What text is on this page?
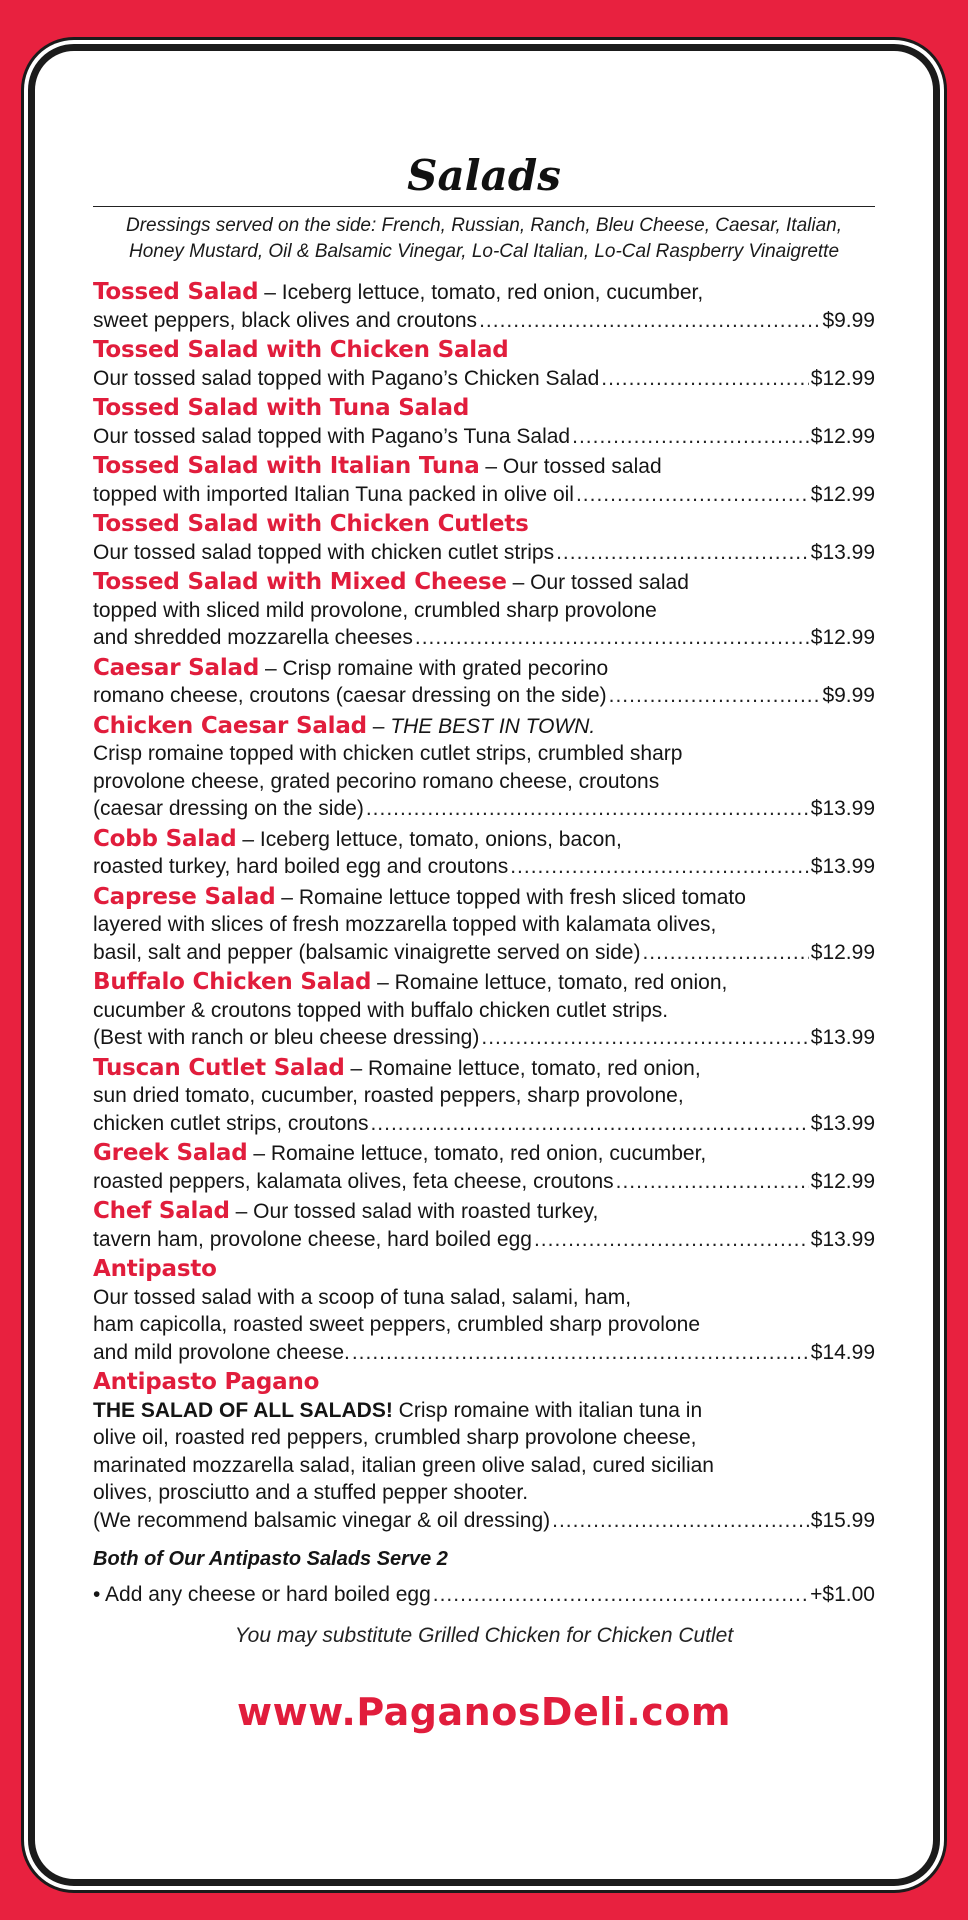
Salads
Dressings served on the side: French, Russian, Ranch, Bleu Cheese, Caesar, Italian,
Honey Mustard, Oil & Balsamic Vinegar, Lo-Cal Italian, Lo-Cal Raspberry Vinaigrette
Tossed Salad – Iceberg lettuce, tomato, red onion, cucumber,
sweet peppers, black olives and croutons .....	$9.99
Tossed Salad with Chicken Salad
Our tossed salad topped with Pagano’s Chicken Salad .....	$12.99
Tossed Salad with Tuna Salad
Our tossed salad topped with Pagano’s Tuna Salad .....	$12.99
Tossed Salad with Italian Tuna – Our tossed salad
topped with imported Italian Tuna packed in olive oil .....	$12.99
Tossed Salad with Chicken Cutlets
Our tossed salad topped with chicken cutlet strips .....	$13.99
Tossed Salad with Mixed Cheese – Our tossed salad
topped with sliced mild provolone, crumbled sharp provolone
and shredded mozzarella cheeses .....	$12.99
Caesar Salad – Crisp romaine with grated pecorino
romano cheese, croutons (caesar dressing on the side) .....	$9.99
Chicken Caesar Salad – THE BEST IN TOWN.
Crisp romaine topped with chicken cutlet strips, crumbled sharp
provolone cheese, grated pecorino romano cheese, croutons
(caesar dressing on the side) .....	$13.99
Cobb Salad – Iceberg lettuce, tomato, onions, bacon,
roasted turkey, hard boiled egg and croutons .....	$13.99
Caprese Salad – Romaine lettuce topped with fresh sliced tomato
layered with slices of fresh mozzarella topped with kalamata olives,
basil, salt and pepper (balsamic vinaigrette served on side) .....	$12.99
Buffalo Chicken Salad – Romaine lettuce, tomato, red onion,
cucumber & croutons topped with buffalo chicken cutlet strips.
(Best with ranch or bleu cheese dressing) .....	$13.99
Tuscan Cutlet Salad – Romaine lettuce, tomato, red onion,
sun dried tomato, cucumber, roasted peppers, sharp provolone,
chicken cutlet strips, croutons .....	$13.99
Greek Salad – Romaine lettuce, tomato, red onion, cucumber,
roasted peppers, kalamata olives, feta cheese, croutons .....	$12.99
Chef Salad – Our tossed salad with roasted turkey,
tavern ham, provolone cheese, hard boiled egg .....	$13.99
Antipasto
Our tossed salad with a scoop of tuna salad, salami, ham,
ham capicolla, roasted sweet peppers, crumbled sharp provolone
and mild provolone cheese. .....	$14.99
Antipasto Pagano
THE SALAD OF ALL SALADS! Crisp romaine with italian tuna in
olive oil, roasted red peppers, crumbled sharp provolone cheese,
marinated mozzarella salad, italian green olive salad, cured sicilian
olives, prosciutto and a stuffed pepper shooter.
(We recommend balsamic vinegar & oil dressing) .....	$15.99
Both of Our Antipasto Salads Serve 2
• Add any cheese or hard boiled egg .....	+$1.00
You may substitute Grilled Chicken for Chicken Cutlet
www.PaganosDeli.com
